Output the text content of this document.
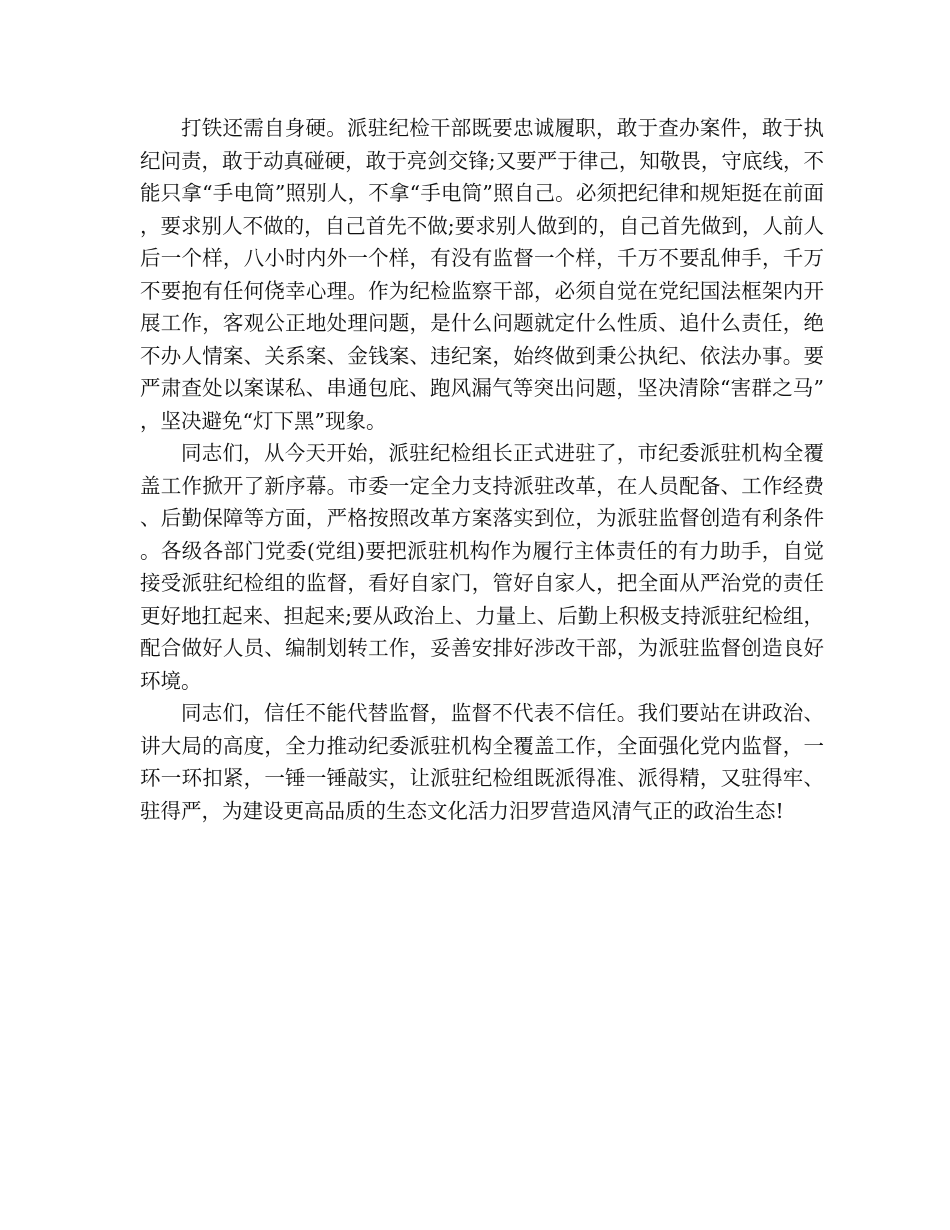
打铁还需自身硬。派驻纪检干部既要忠诚履职，敢于查办案件，敢于执纪问责，敢于动真碰硬，敢于亮剑交锋;又要严于律己，知敬畏，守底线，不能只拿“手电筒”照别人，不拿“手电筒”照自己。必须把纪律和规矩挺在前面，要求别人不做的，自己首先不做;要求别人做到的，自己首先做到，人前人后一个样，八小时内外一个样，有没有监督一个样，千万不要乱伸手，千万不要抱有任何侥幸心理。作为纪检监察干部，必须自觉在党纪国法框架内开展工作，客观公正地处理问题，是什么问题就定什么性质、追什么责任，绝不办人情案、关系案、金钱案、违纪案，始终做到秉公执纪、依法办事。要严肃查处以案谋私、串通包庇、跑风漏气等突出问题，坚决清除“害群之马”，坚决避免“灯下黑”现象。

同志们，从今天开始，派驻纪检组长正式进驻了，市纪委派驻机构全覆盖工作掀开了新序幕。市委一定全力支持派驻改革，在人员配备、工作经费、后勤保障等方面，严格按照改革方案落实到位，为派驻监督创造有利条件。各级各部门党委(党组)要把派驻机构作为履行主体责任的有力助手，自觉接受派驻纪检组的监督，看好自家门，管好自家人，把全面从严治党的责任更好地扛起来、担起来;要从政治上、力量上、后勤上积极支持派驻纪检组，配合做好人员、编制划转工作，妥善安排好涉改干部，为派驻监督创造良好环境。

同志们，信任不能代替监督，监督不代表不信任。我们要站在讲政治、讲大局的高度，全力推动纪委派驻机构全覆盖工作，全面强化党内监督，一环一环扣紧，一锤一锤敲实，让派驻纪检组既派得准、派得精，又驻得牢、驻得严，为建设更高品质的生态文化活力汨罗营造风清气正的政治生态!
